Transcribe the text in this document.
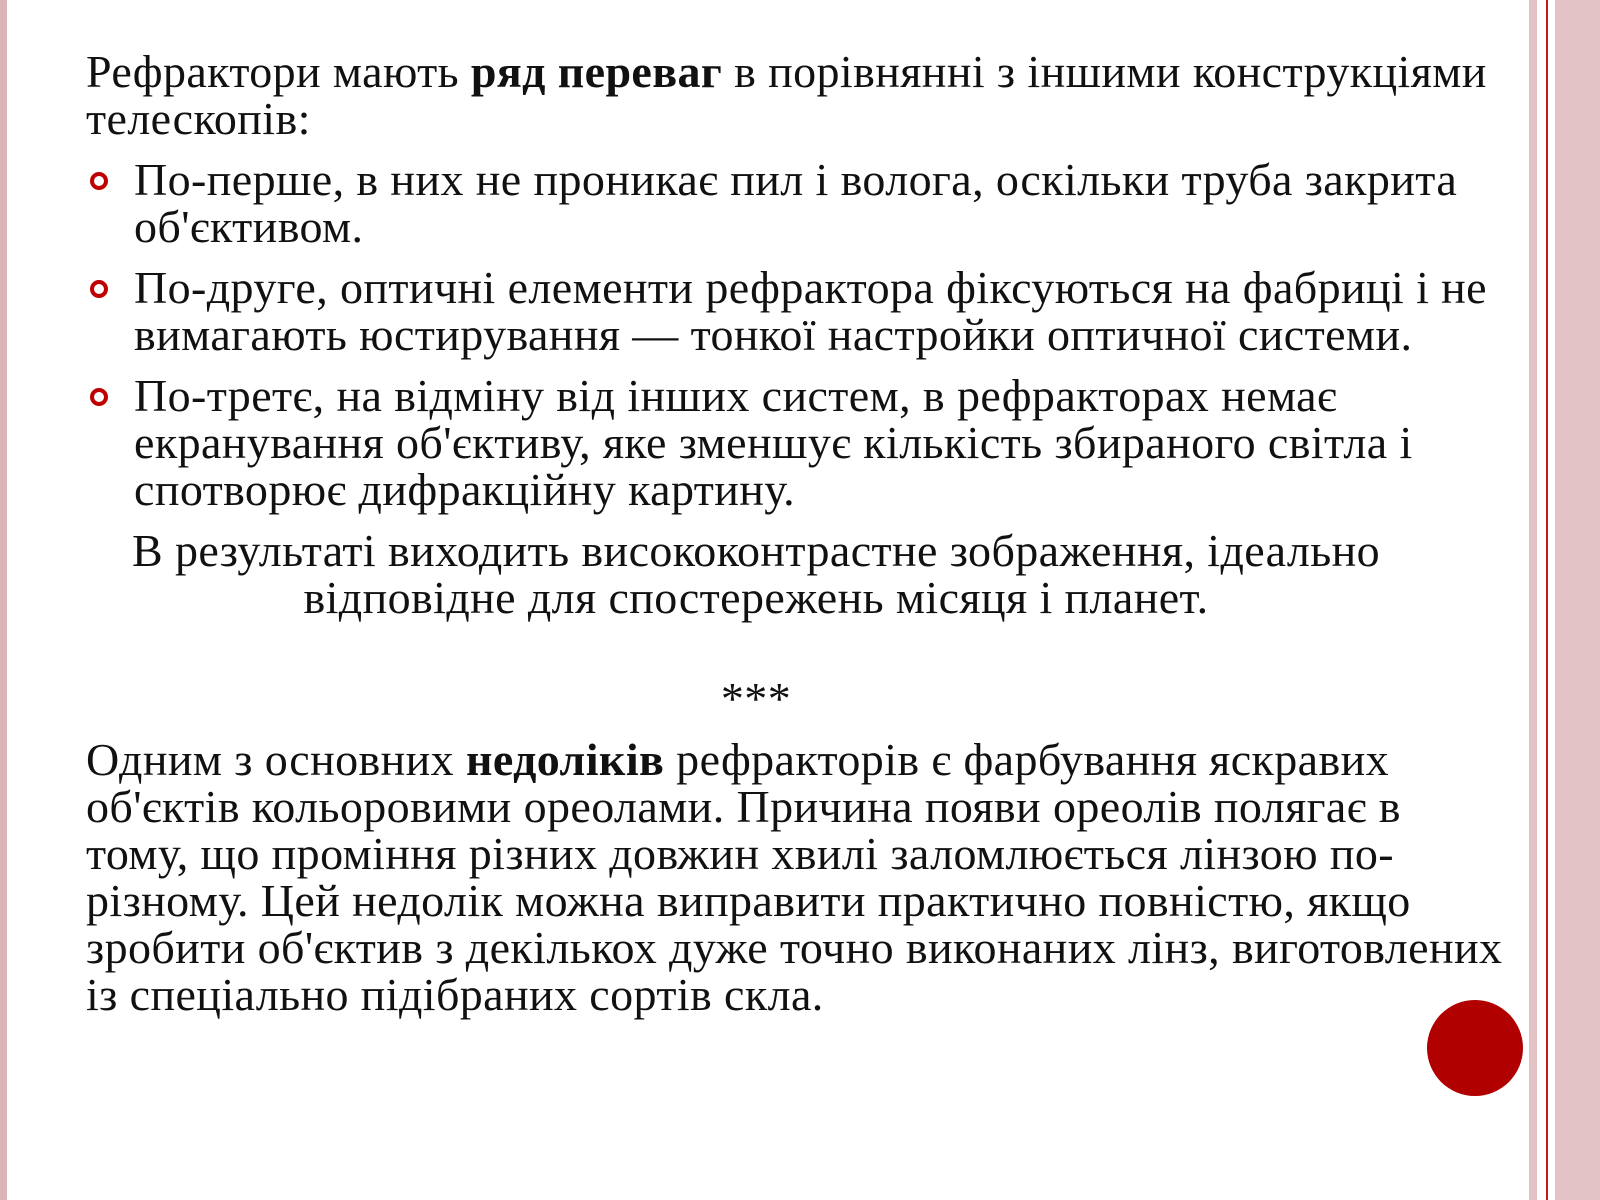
Рефрактори мають ряд переваг в порівнянні з іншими конструкціями телескопів:

По-перше, в них не проникає пил і волога, оскільки труба закрита об'єктивом.
По-друге, оптичні елементи рефрактора фіксуються на фабриці і не вимагають юстирування — тонкої настройки оптичної системи.
По-третє, на відміну від інших систем, в рефракторах немає екранування об'єктиву, яке зменшує кількість збираного світла і спотворює дифракційну картину.

В результаті виходить висококонтрастне зображення, ідеально відповідне для спостережень місяця і планет.

***

Одним з основних недоліків рефракторів є фарбування яскравих об'єктів кольоровими ореолами. Причина появи ореолів полягає в тому, що проміння різних довжин хвилі заломлюється лінзою по-різному. Цей недолік можна виправити практично повністю, якщо зробити об'єктив з декількох дуже точно виконаних лінз, виготовлених із спеціально підібраних сортів скла.
